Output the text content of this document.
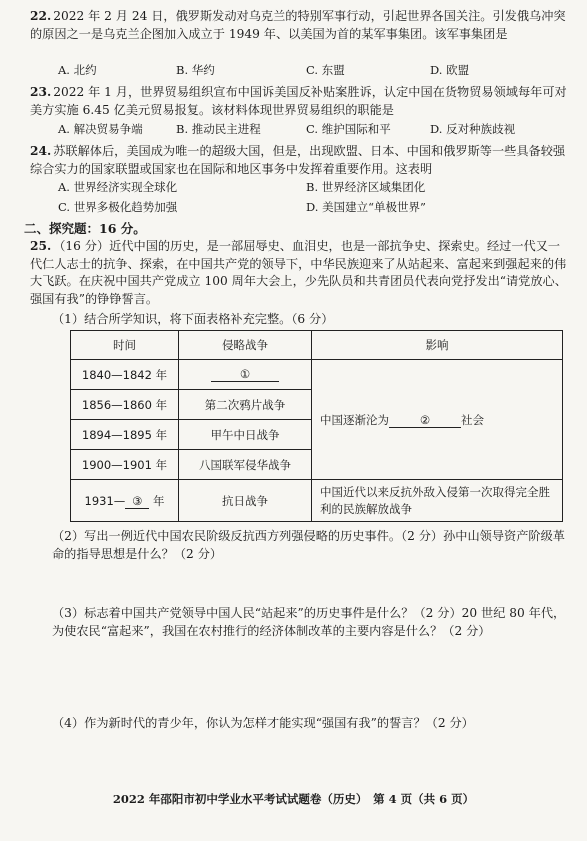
22. 2022 年 2 月 24 日，俄罗斯发动对乌克兰的特别军事行动，引起世界各国关注。引发俄乌冲突的原因之一是乌克兰企图加入成立于 1949 年、以美国为首的某军事集团。该军事集团是
A. 北约	B. 华约	C. 东盟	D. 欧盟
23. 2022 年 1 月，世界贸易组织宣布中国诉美国反补贴案胜诉，认定中国在货物贸易领域每年可对美方实施 6.45 亿美元贸易报复。该材料体现世界贸易组织的职能是
A. 解决贸易争端	B. 推动民主进程	C. 维护国际和平	D. 反对种族歧视
24. 苏联解体后，美国成为唯一的超级大国，但是，出现欧盟、日本、中国和俄罗斯等一些具备较强综合实力的国家联盟或国家也在国际和地区事务中发挥着重要作用。这表明
A. 世界经济实现全球化	B. 世界经济区域集团化
C. 世界多极化趋势加强	D. 美国建立“单极世界”
二、探究题：16 分。
25. （16 分）近代中国的历史，是一部屈辱史、血泪史，也是一部抗争史、探索史。经过一代又一代仁人志士的抗争、探索，在中国共产党的领导下，中华民族迎来了从站起来、富起来到强起来的伟大飞跃。在庆祝中国共产党成立 100 周年大会上，少先队员和共青团员代表向党抒发出“请党放心、强国有我”的铮铮誓言。
（1）结合所学知识，将下面表格补充完整。（6 分）
时间	侵略战争	影响
1840—1842 年	①	中国逐渐沦为 ② 社会
1856—1860 年	第二次鸦片战争	
1894—1895 年	甲午中日战争	
1900—1901 年	八国联军侵华战争	
1931— ③ 年	抗日战争	中国近代以来反抗外敌入侵第一次取得完全胜利的民族解放战争
（2）写出一例近代中国农民阶级反抗西方列强侵略的历史事件。（2 分）孙中山领导资产阶级革命的指导思想是什么？（2 分）
（3）标志着中国共产党领导中国人民“站起来”的历史事件是什么？（2 分）20 世纪 80 年代，为使农民“富起来”，我国在农村推行的经济体制改革的主要内容是什么？（2 分）
（4）作为新时代的青少年，你认为怎样才能实现“强国有我”的誓言？（2 分）
2022 年邵阳市初中学业水平考试试题卷（历史）　第 4 页（共 6 页）
